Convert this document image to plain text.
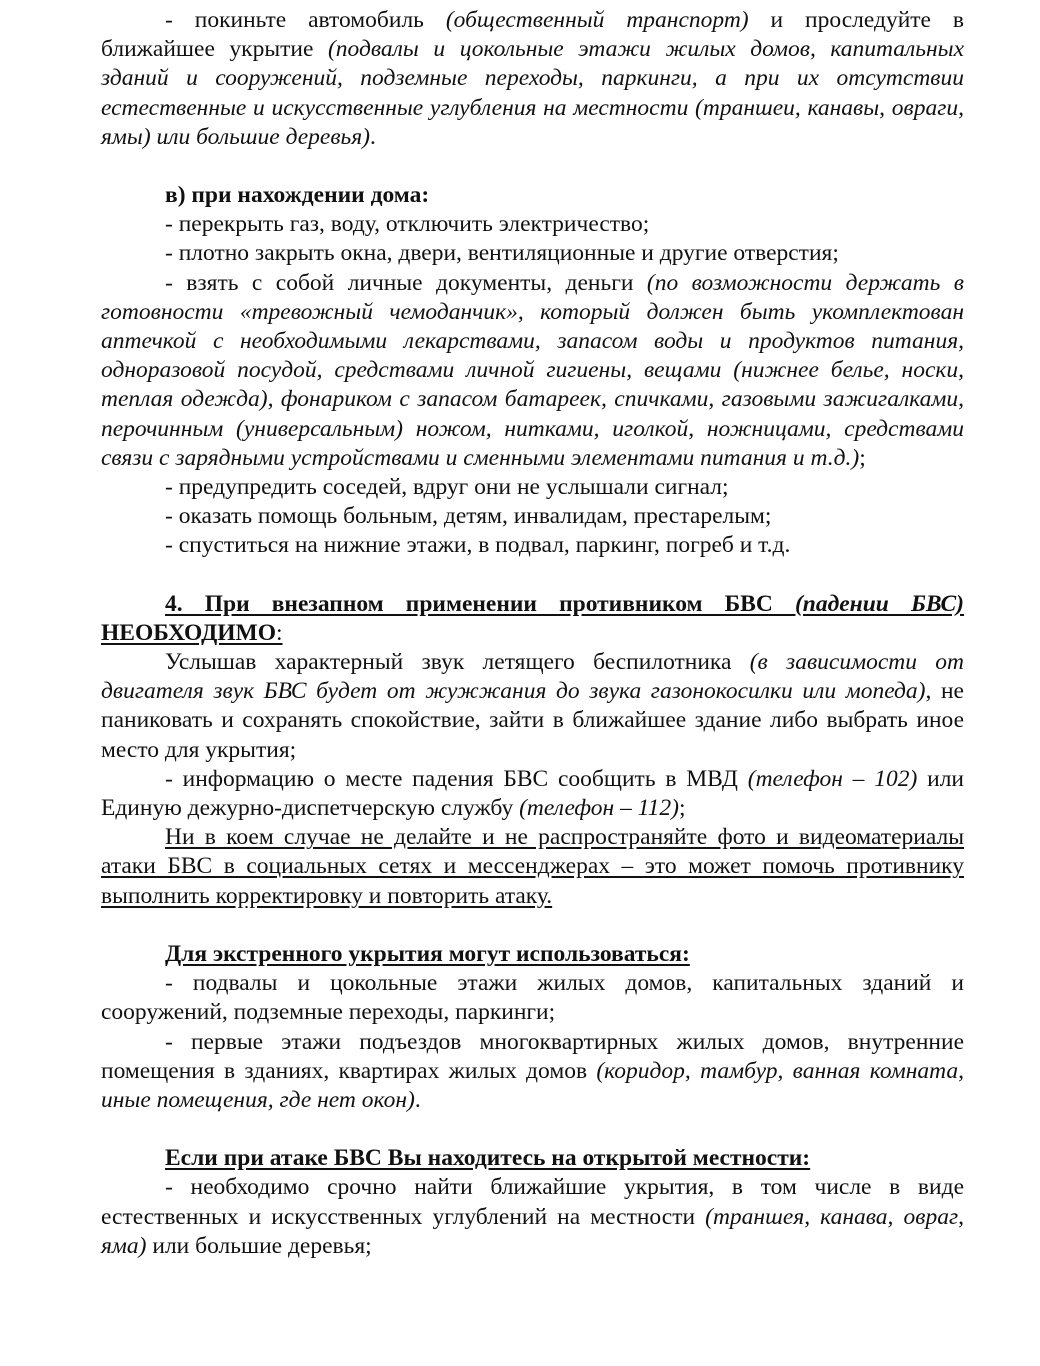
- покиньте автомобиль (общественный транспорт) и проследуйте в ближайшее укрытие (подвалы и цокольные этажи жилых домов, капитальных зданий и сооружений, подземные переходы, паркинги, а при их отсутствии естественные и искусственные углубления на местности (траншеи, канавы, овраги, ямы) или большие деревья).

в) при нахождении дома:

- перекрыть газ, воду, отключить электричество;

- плотно закрыть окна, двери, вентиляционные и другие отверстия;

- взять с собой личные документы, деньги (по возможности держать в готовности «тревожный чемоданчик», который должен быть укомплектован аптечкой с необходимыми лекарствами, запасом воды и продуктов питания, одноразовой посудой, средствами личной гигиены, вещами (нижнее белье, носки, теплая одежда), фонариком с запасом батареек, спичками, газовыми зажигалками, перочинным (универсальным) ножом, нитками, иголкой, ножницами, средствами связи с зарядными устройствами и сменными элементами питания и т.д.);

- предупредить соседей, вдруг они не услышали сигнал;

- оказать помощь больным, детям, инвалидам, престарелым;

- спуститься на нижние этажи, в подвал, паркинг, погреб и т.д.

4. При внезапном применении противником БВС (падении БВС) НЕОБХОДИМО:

Услышав характерный звук летящего беспилотника (в зависимости от двигателя звук БВС будет от жужжания до звука газонокосилки или мопеда), не паниковать и сохранять спокойствие, зайти в ближайшее здание либо выбрать иное место для укрытия;

- информацию о месте падения БВС сообщить в МВД (телефон – 102) или Единую дежурно-диспетчерскую службу (телефон – 112);

Ни в коем случае не делайте и не распространяйте фото и видеоматериалы атаки БВС в социальных сетях и мессенджерах – это может помочь противнику выполнить корректировку и повторить атаку.

Для экстренного укрытия могут использоваться:

- подвалы и цокольные этажи жилых домов, капитальных зданий и сооружений, подземные переходы, паркинги;

- первые этажи подъездов многоквартирных жилых домов, внутренние помещения в зданиях, квартирах жилых домов (коридор, тамбур, ванная комната, иные помещения, где нет окон).

Если при атаке БВС Вы находитесь на открытой местности:

- необходимо срочно найти ближайшие укрытия, в том числе в виде естественных и искусственных углублений на местности (траншея, канава, овраг, яма) или большие деревья;
